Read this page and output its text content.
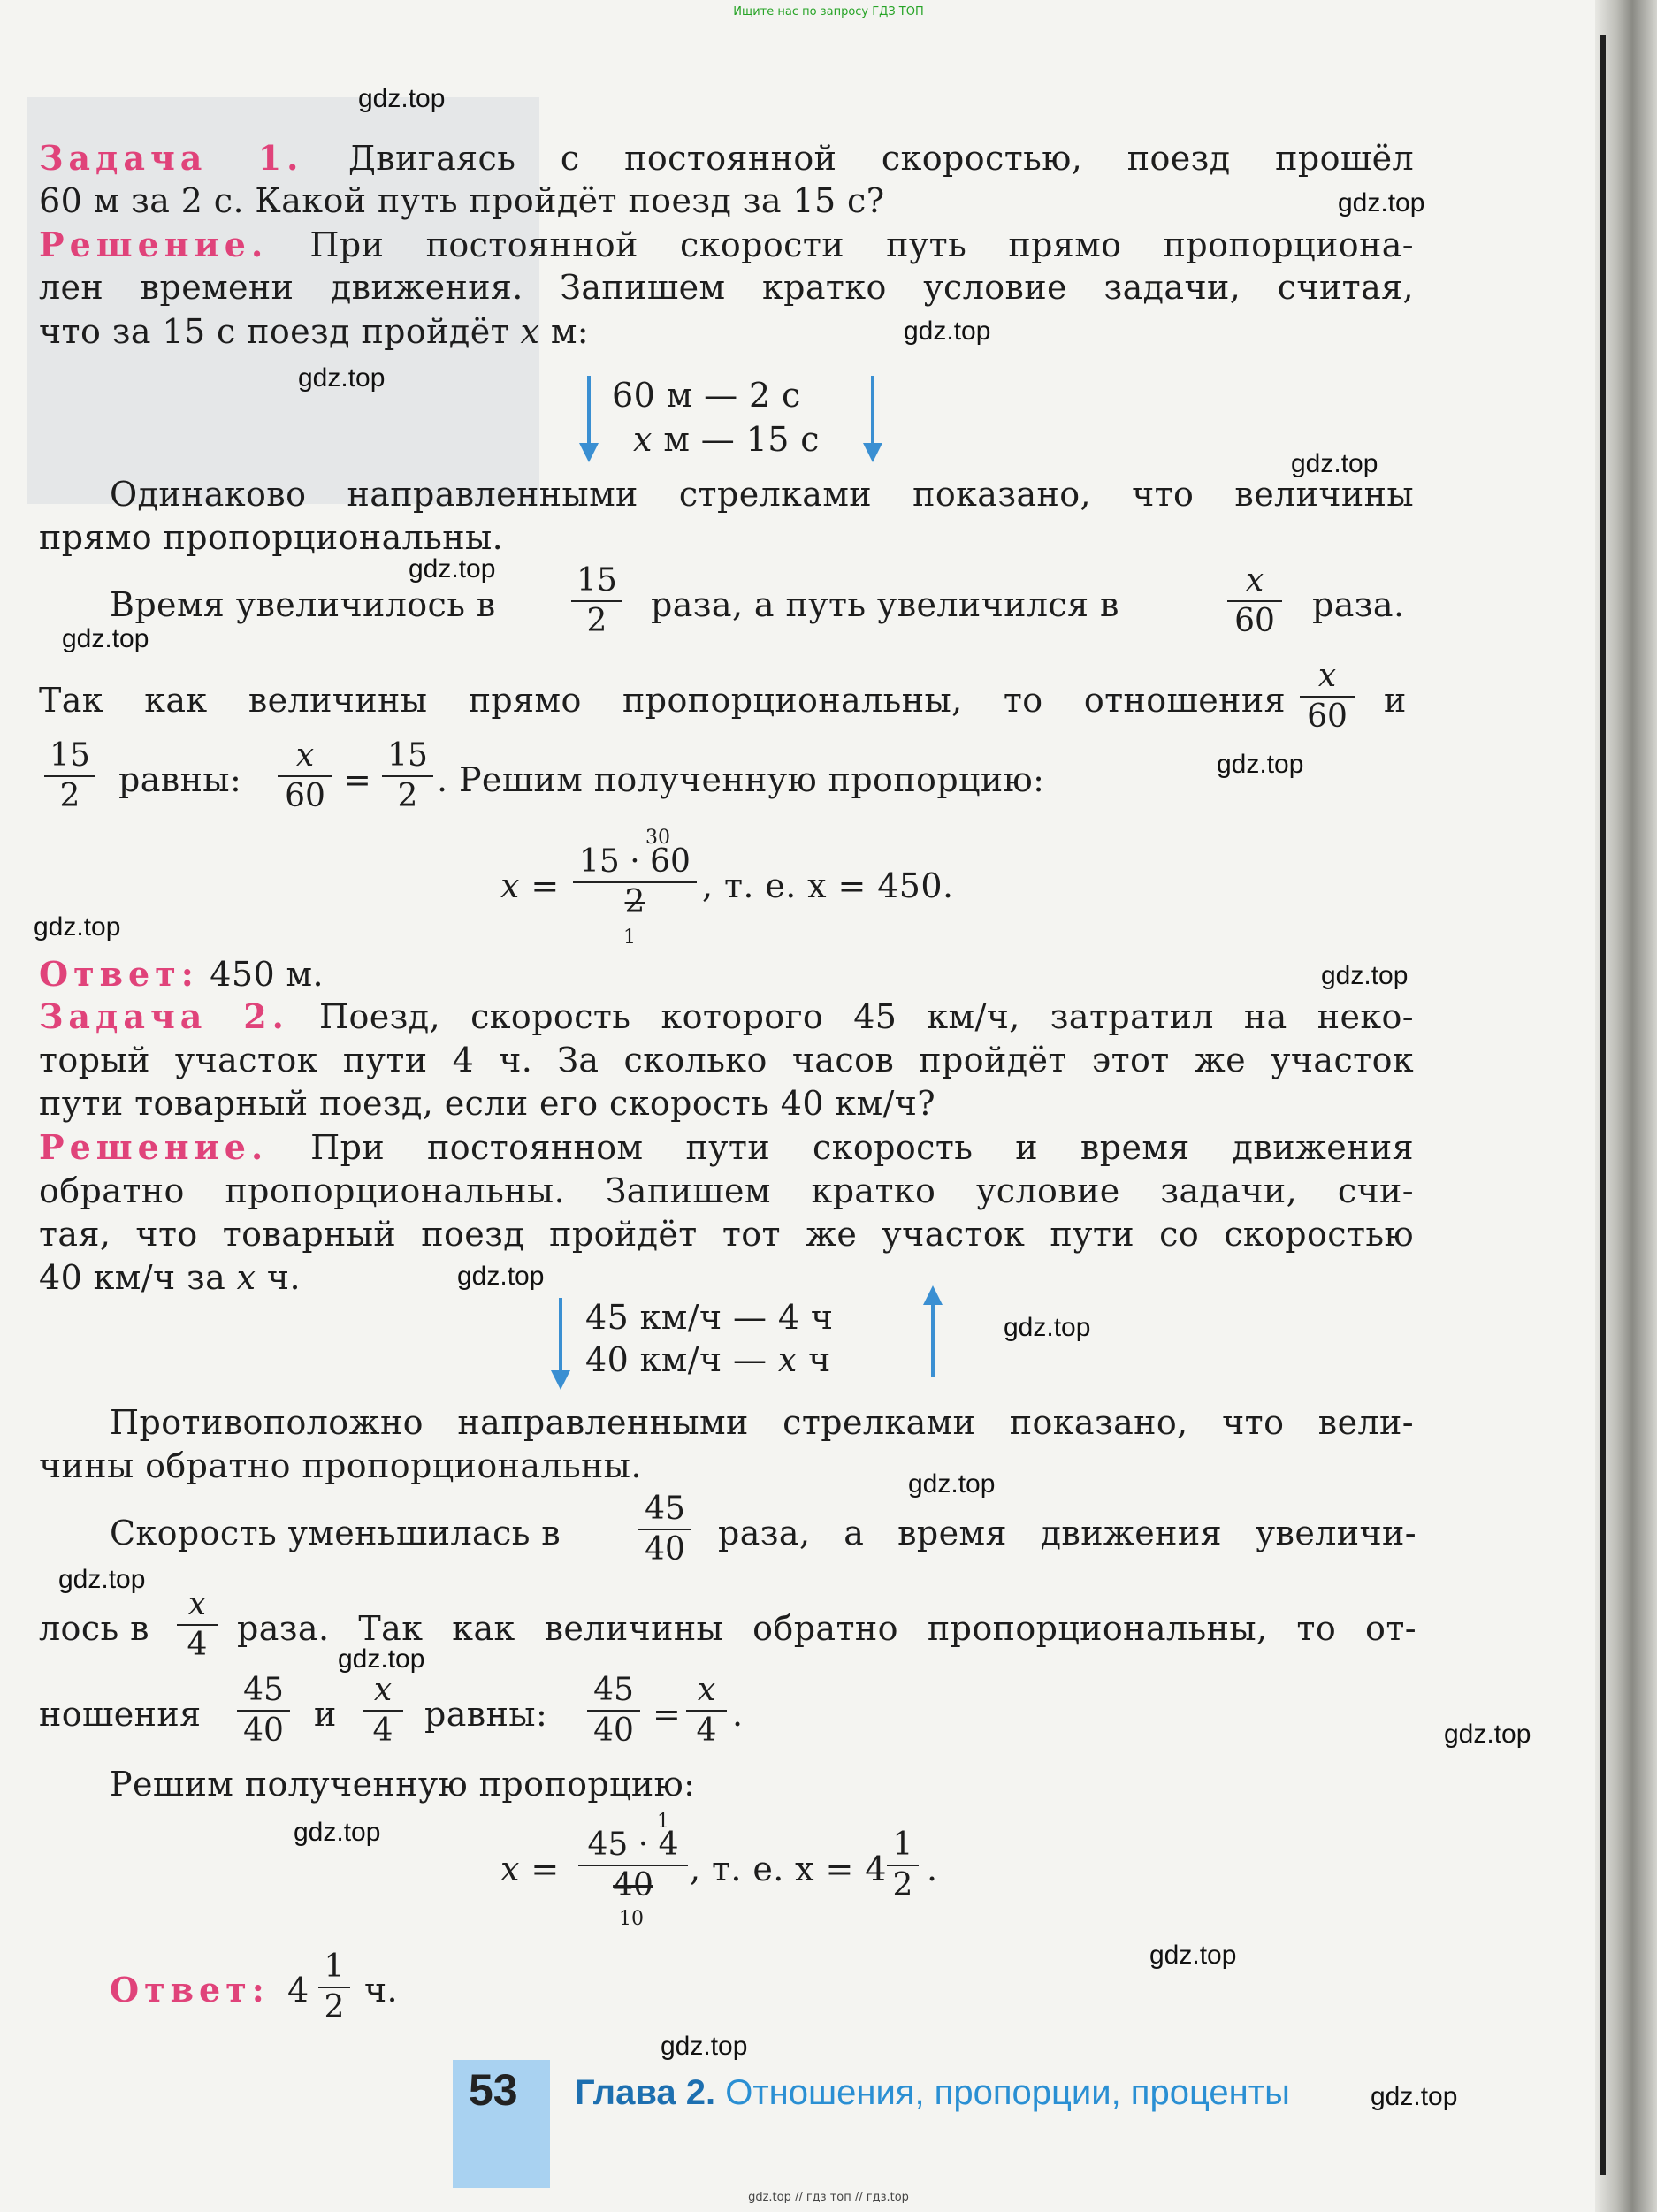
Ищите нас по запросу ГДЗ ТОП
gdz.top
gdz.top
gdz.top
gdz.top
gdz.top
gdz.top
gdz.top
gdz.top
gdz.top
gdz.top
gdz.top
gdz.top
gdz.top
gdz.top
gdz.top
gdz.top
gdz.top
gdz.top
gdz.top
gdz.top
Задача 1. Двигаясь с постоянной скоростью, поезд прошёл
60 м за 2 с. Какой путь пройдёт поезд за 15 с?
Решение. При постоянной скорости путь прямо пропорциона-
лен времени движения. Запишем кратко условие задачи, считая,
что за 15 с поезд пройдёт x м:
60 м — 2 с
x м — 15 с
Одинаково направленными стрелками показано, что величины
прямо пропорциональны.
Время увеличилось в
15
2	раза, а путь увеличился в
x
60 раза.
Так как величины прямо пропорциональны, то отношения
x
60 и
15
2	равны:
x
60 =
15
2 . Решим полученную пропорцию:
x =
30
15 · 60
2
1
, т. е. x = 450.
Ответ: 450 м.
Задача 2. Поезд, скорость которого 45 км/ч, затратил на неко-
торый участок пути 4 ч. За сколько часов пройдёт этот же участок
пути товарный поезд, если его скорость 40 км/ч?
Решение. При постоянном пути скорость и время движения
обратно пропорциональны. Запишем кратко условие задачи, счи-
тая, что товарный поезд пройдёт тот же участок пути со скоростью
40 км/ч за x ч.
45 км/ч — 4 ч
40 км/ч — x ч
Противоположно направленными стрелками показано, что вели-
чины обратно пропорциональны.
Скорость уменьшилась в
45
40 раза, а время движения увеличи-
лось в
x
4 раза. Так как величины обратно пропорциональны, то от-
ношения
45
40 и
x
4 равны:
45
40 =
x
4 .
Решим полученную пропорцию:
x =
1
45 · 4
40
10
, т. е. x = 4
1
2 .
Ответ: 4
1
2 ч.
53 Глава 2. Отношения, пропорции, проценты
gdz.top // гдз топ // гдз.top
